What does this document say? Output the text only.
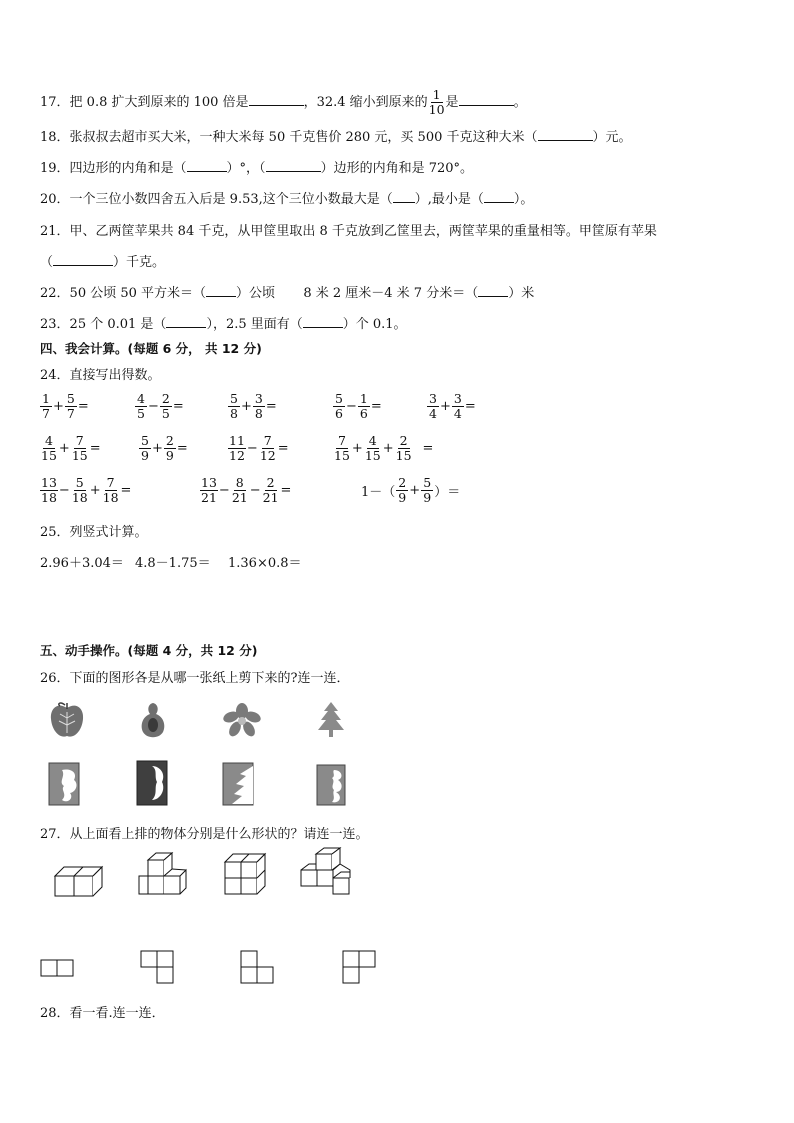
17．把 0.8 扩大到原来的 100 倍是	，32.4 缩小到原来的 $\frac{1}{10}$ 是	。
18．张叔叔去超市买大米，一种大米每 50 千克售价 280 元，买 500 千克这种大米（	）元。
19．四边形的内角和是（	）°，（	）边形的内角和是 720°。
20．一个三位小数四舍五入后是 9.53,这个三位小数最大是（ ）,最小是（ ）。
21．甲、乙两筐苹果共 84 千克，从甲筐里取出 8 千克放到乙筐里去，两筐苹果的重量相等。甲筐原有苹果
（	）千克。
22．50 公顷 50 平方米＝（ ）公顷 8 米 2 厘米－4 米 7 分米＝（ ）米
23．25 个 0.01 是（	），2.5 里面有（	）个 0.1。
四、我会计算。(每题 6 分， 共 12 分)
24．直接写出得数。
$\frac{1}{7} + \frac{5}{7}$ =	$\frac{4}{5} - \frac{2}{5}$ =	$\frac{5}{8} + \frac{3}{8}$ =	$\frac{5}{6} - \frac{1}{6}$ =	$\frac{3}{4} + \frac{3}{4}$ =
$\frac{4}{15} + \frac{7}{15}$ =	$\frac{5}{9} + \frac{2}{9}$ =	$\frac{11}{12} - \frac{7}{12}$ =	$\frac{7}{15} + \frac{4}{15} + \frac{2}{15}$ =
$\frac{13}{18} - \frac{5}{18} + \frac{7}{18}$ =	$\frac{13}{21} - \frac{8}{21} - \frac{2}{21}$ =	$1-( \frac{2}{9} + \frac{5}{9}$ ）＝
25．列竖式计算。
2.96＋3.04＝ 4.8－1.75＝ 1.36×0.8＝
五、动手操作。(每题 4 分，共 12 分)
26．下面的图形各是从哪一张纸上剪下来的?连一连．
27．从上面看上排的物体分别是什么形状的？请连一连。
28．看一看.连一连．
